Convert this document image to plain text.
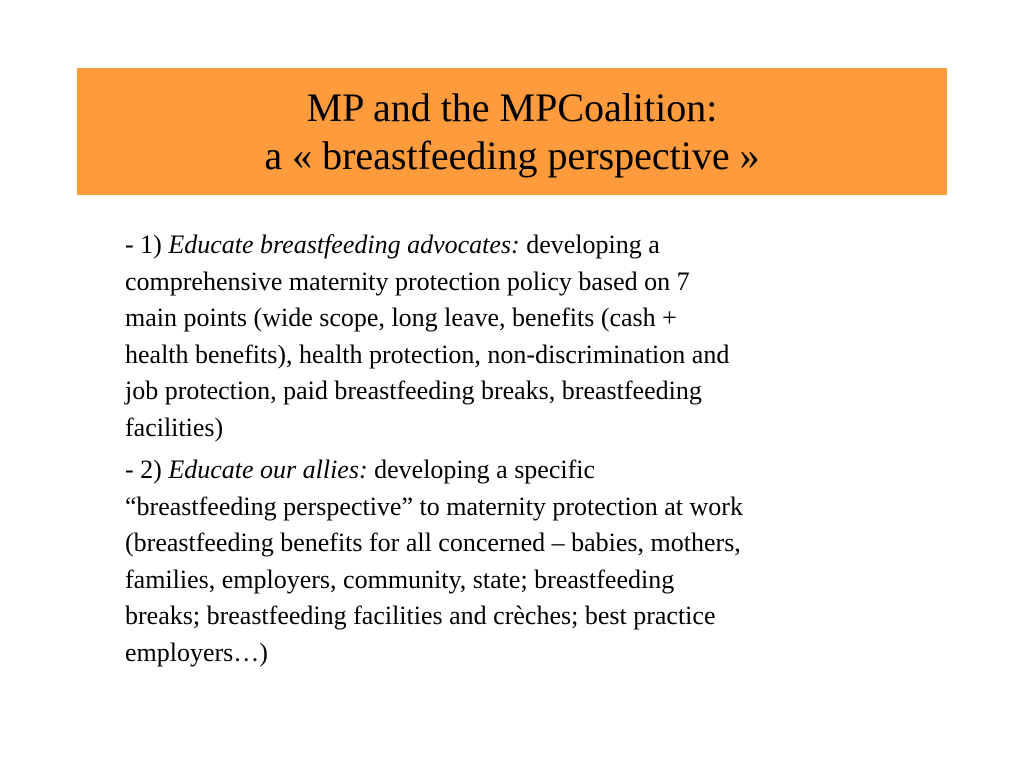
MP and the MPCoalition:
a « breastfeeding perspective »
- 1) Educate breastfeeding advocates: developing a
comprehensive maternity protection policy based on 7
main points (wide scope, long leave, benefits (cash +
health benefits), health protection, non-discrimination and
job protection, paid breastfeeding breaks, breastfeeding
facilities)
- 2) Educate our allies: developing a specific
“breastfeeding perspective” to maternity protection at work
(breastfeeding benefits for all concerned – babies, mothers,
families, employers, community, state; breastfeeding
breaks; breastfeeding facilities and crèches; best practice
employers…)
